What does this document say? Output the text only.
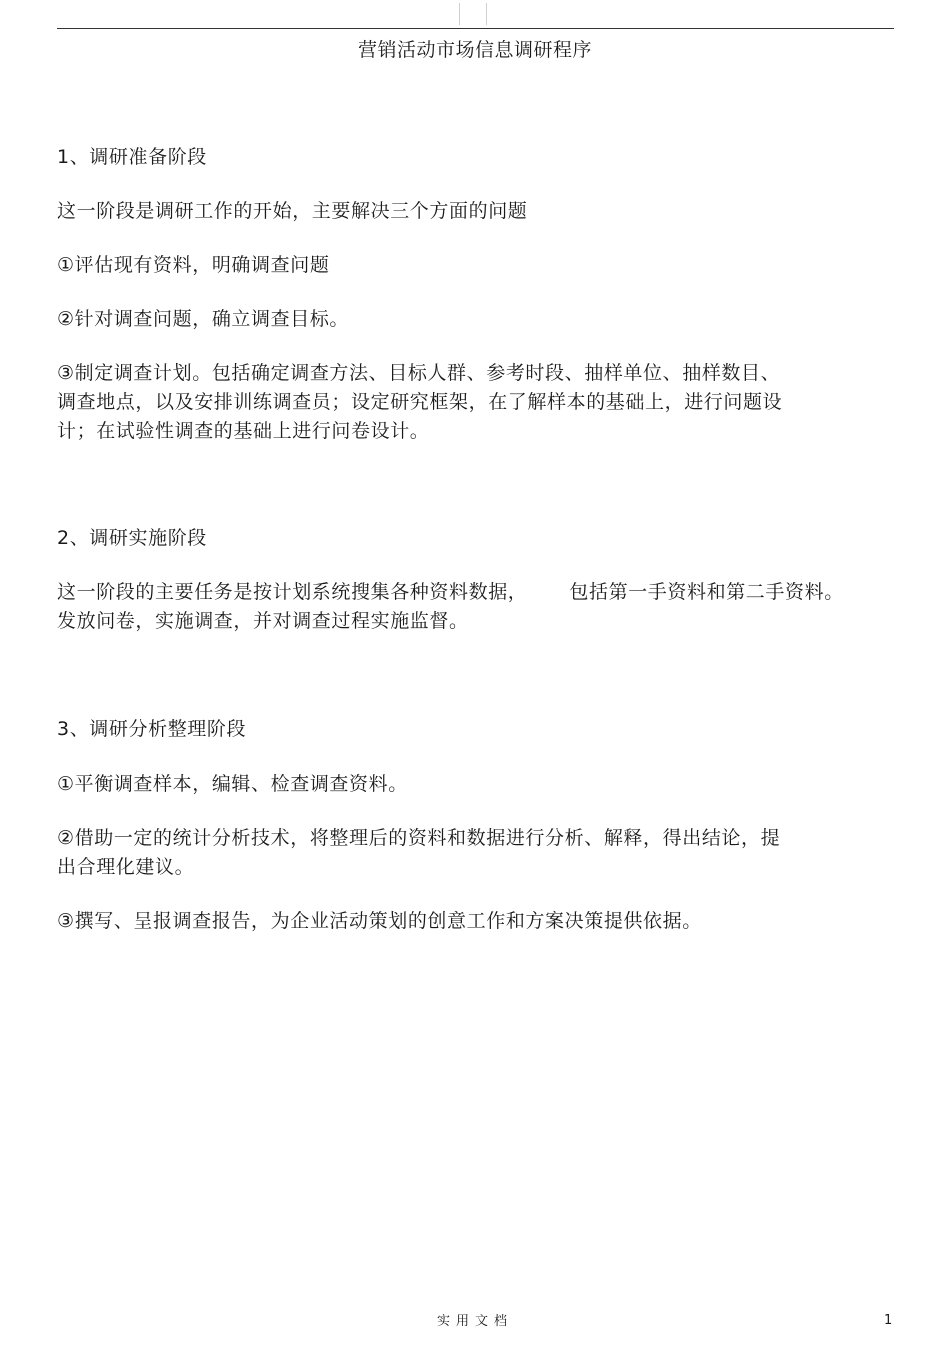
营销活动市场信息调研程序

1、调研准备阶段

这一阶段是调研工作的开始，主要解决三个方面的问题

①评估现有资料，明确调查问题

②针对调查问题，确立调查目标。

③制定调查计划。包括确定调查方法、目标人群、参考时段、抽样单位、抽样数目、

调查地点，以及安排训练调查员；设定研究框架，在了解样本的基础上，进行问题设

计；在试验性调查的基础上进行问卷设计。

2、调研实施阶段

这一阶段的主要任务是按计划系统搜集各种资料数据， 包括第一手资料和第二手资料。

发放问卷，实施调查，并对调查过程实施监督。

3、调研分析整理阶段

①平衡调查样本，编辑、检查调查资料。

②借助一定的统计分析技术，将整理后的资料和数据进行分析、解释，得出结论，提

出合理化建议。

③撰写、呈报调查报告，为企业活动策划的创意工作和方案决策提供依据。

实用文档	1
